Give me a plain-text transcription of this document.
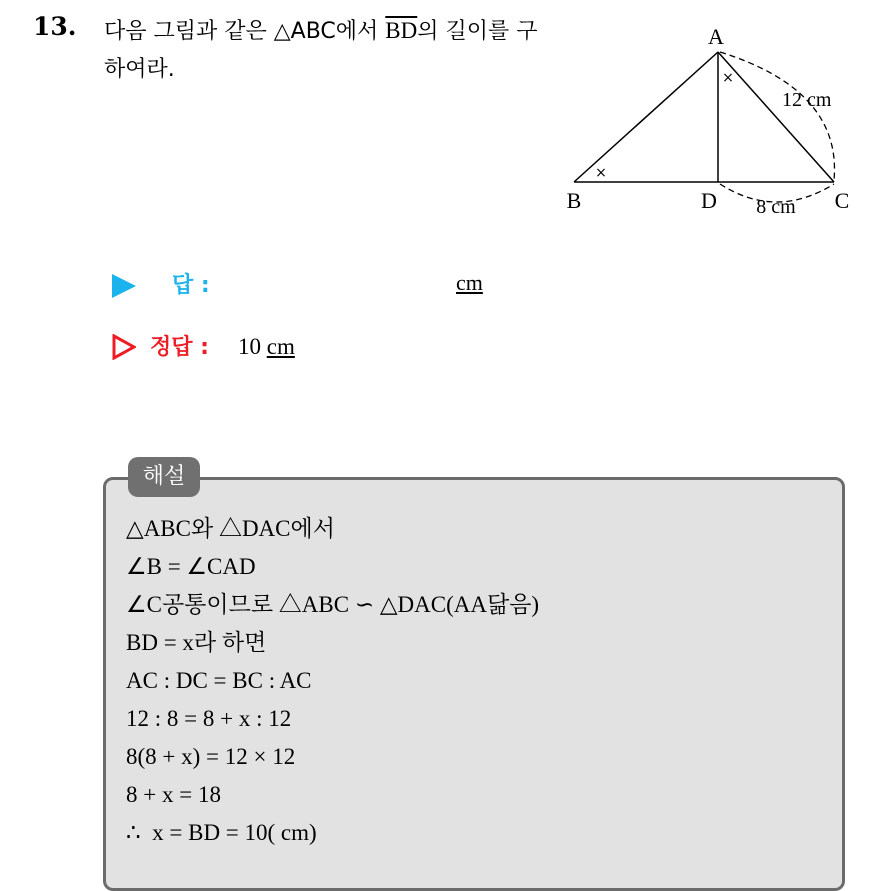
13. 다음 그림과 같은 △ABC에서 $\overline{BD}$의 길이를 구하여라.
A
B	C
D
12 cm
8 cm
×
×
답 :	cm
정답 : 10 cm
해설
△ABC와 △DAC에서
∠B = ∠CAD
∠C공통이므로 △ABC ∽ △DAC(AA닮음)
BD = x라 하면
AC : DC = BC : AC
12 : 8 = 8 + x : 12
8(8 + x) = 12 × 12
8 + x = 18
∴  x = BD = 10( cm)
